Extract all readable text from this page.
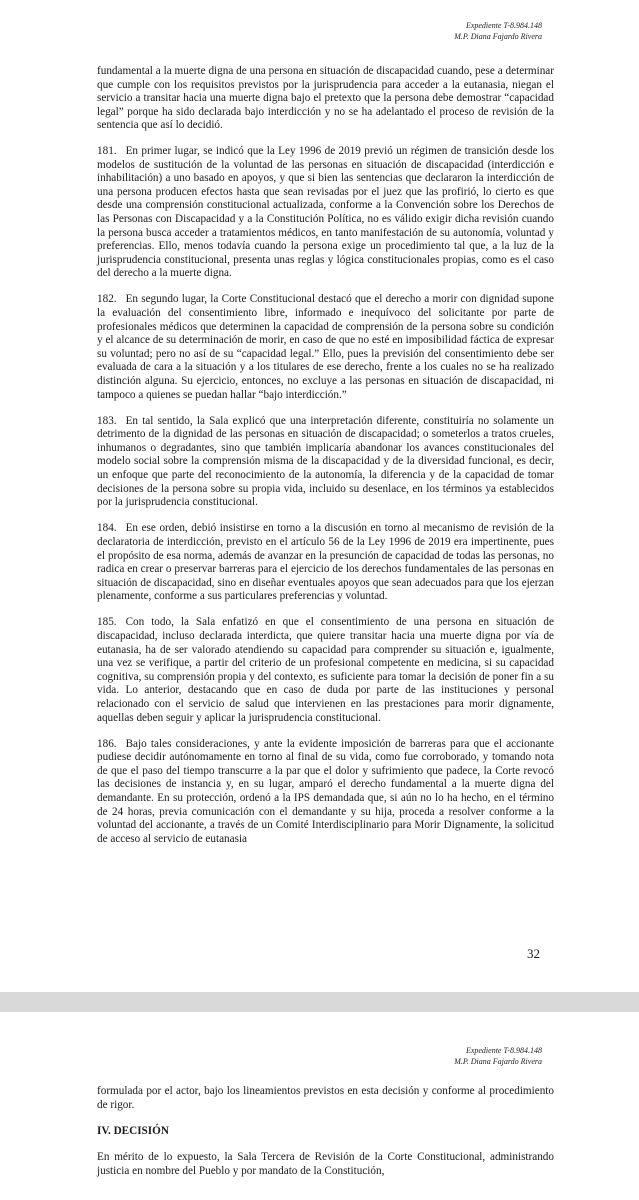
Expediente T-8.984.148
M.P. Diana Fajardo Rivera

fundamental a la muerte digna de una persona en situación de discapacidad cuando, pese a determinar que cumple con los requisitos previstos por la jurisprudencia para acceder a la eutanasia, niegan el servicio a transitar hacia una muerte digna bajo el pretexto que la persona debe demostrar “capacidad legal” porque ha sido declarada bajo interdicción y no se ha adelantado el proceso de revisión de la sentencia que así lo decidió.

181. En primer lugar, se indicó que la Ley 1996 de 2019 previó un régimen de transición desde los modelos de sustitución de la voluntad de las personas en situación de discapacidad (interdicción e inhabilitación) a uno basado en apoyos, y que si bien las sentencias que declararon la interdicción de una persona producen efectos hasta que sean revisadas por el juez que las profirió, lo cierto es que desde una comprensión constitucional actualizada, conforme a la Convención sobre los Derechos de las Personas con Discapacidad y a la Constitución Política, no es válido exigir dicha revisión cuando la persona busca acceder a tratamientos médicos, en tanto manifestación de su autonomía, voluntad y preferencias. Ello, menos todavía cuando la persona exige un procedimiento tal que, a la luz de la jurisprudencia constitucional, presenta unas reglas y lógica constitucionales propias, como es el caso del derecho a la muerte digna.

182. En segundo lugar, la Corte Constitucional destacó que el derecho a morir con dignidad supone la evaluación del consentimiento libre, informado e inequívoco del solicitante por parte de profesionales médicos que determinen la capacidad de comprensión de la persona sobre su condición y el alcance de su determinación de morir, en caso de que no esté en imposibilidad fáctica de expresar su voluntad; pero no así de su “capacidad legal.” Ello, pues la previsión del consentimiento debe ser evaluada de cara a la situación y a los titulares de ese derecho, frente a los cuales no se ha realizado distinción alguna. Su ejercicio, entonces, no excluye a las personas en situación de discapacidad, ni tampoco a quienes se puedan hallar “bajo interdicción.”

183. En tal sentido, la Sala explicó que una interpretación diferente, constituiría no solamente un detrimento de la dignidad de las personas en situación de discapacidad; o someterlos a tratos crueles, inhumanos o degradantes, sino que también implicaría abandonar los avances constitucionales del modelo social sobre la comprensión misma de la discapacidad y de la diversidad funcional, es decir, un enfoque que parte del reconocimiento de la autonomía, la diferencia y de la capacidad de tomar decisiones de la persona sobre su propia vida, incluido su desenlace, en los términos ya establecidos por la jurisprudencia constitucional.

184. En ese orden, debió insistirse en torno a la discusión en torno al mecanismo de revisión de la declaratoria de interdicción, previsto en el artículo 56 de la Ley 1996 de 2019 era impertinente, pues el propósito de esa norma, además de avanzar en la presunción de capacidad de todas las personas, no radica en crear o preservar barreras para el ejercicio de los derechos fundamentales de las personas en situación de discapacidad, sino en diseñar eventuales apoyos que sean adecuados para que los ejerzan plenamente, conforme a sus particulares preferencias y voluntad.

185. Con todo, la Sala enfatizó en que el consentimiento de una persona en situación de discapacidad, incluso declarada interdicta, que quiere transitar hacia una muerte digna por vía de eutanasia, ha de ser valorado atendiendo su capacidad para comprender su situación e, igualmente, una vez se verifique, a partir del criterio de un profesional competente en medicina, si su capacidad cognitiva, su comprensión propia y del contexto, es suficiente para tomar la decisión de poner fin a su vida. Lo anterior, destacando que en caso de duda por parte de las instituciones y personal relacionado con el servicio de salud que intervienen en las prestaciones para morir dignamente, aquellas deben seguir y aplicar la jurisprudencia constitucional.

186. Bajo tales consideraciones, y ante la evidente imposición de barreras para que el accionante pudiese decidir autónomamente en torno al final de su vida, como fue corroborado, y tomando nota de que el paso del tiempo transcurre a la par que el dolor y sufrimiento que padece, la Corte revocó las decisiones de instancia y, en su lugar, amparó el derecho fundamental a la muerte digna del demandante. En su protección, ordenó a la IPS demandada que, si aún no lo ha hecho, en el término de 24 horas, previa comunicación con el demandante y su hija, proceda a resolver conforme a la voluntad del accionante, a través de un Comité Interdisciplinario para Morir Dignamente, la solicitud de acceso al servicio de eutanasia

32
Expediente T-8.984.148
M.P. Diana Fajardo Rivera

formulada por el actor, bajo los lineamientos previstos en esta decisión y conforme al procedimiento de rigor.

IV. DECISIÓN

En mérito de lo expuesto, la Sala Tercera de Revisión de la Corte Constitucional, administrando justicia en nombre del Pueblo y por mandato de la Constitución,
